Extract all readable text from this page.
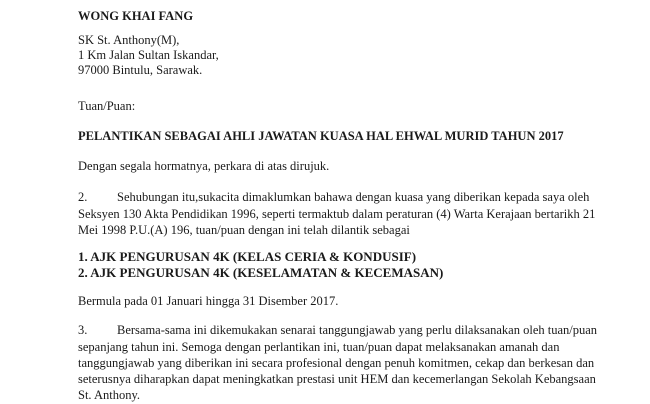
WONG KHAI FANG
SK St. Anthony(M),
1 Km Jalan Sultan Iskandar,
97000 Bintulu, Sarawak.
Tuan/Puan:
PELANTIKAN SEBAGAI AHLI JAWATAN KUASA HAL EHWAL MURID TAHUN 2017
Dengan segala hormatnya, perkara di atas dirujuk.
2. Sehubungan itu,sukacita dimaklumkan bahawa dengan kuasa yang diberikan kepada saya oleh
Seksyen 130 Akta Pendidikan 1996, seperti termaktub dalam peraturan (4) Warta Kerajaan bertarikh 21
Mei 1998 P.U.(A) 196, tuan/puan dengan ini telah dilantik sebagai
1. AJK PENGURUSAN 4K (KELAS CERIA & KONDUSIF)
2. AJK PENGURUSAN 4K (KESELAMATAN & KECEMASAN)
Bermula pada 01 Januari hingga 31 Disember 2017.
3. Bersama-sama ini dikemukakan senarai tanggungjawab yang perlu dilaksanakan oleh tuan/puan
sepanjang tahun ini. Semoga dengan perlantikan ini, tuan/puan dapat melaksanakan amanah dan
tanggungjawab yang diberikan ini secara profesional dengan penuh komitmen, cekap dan berkesan dan
seterusnya diharapkan dapat meningkatkan prestasi unit HEM dan kecemerlangan Sekolah Kebangsaan
St. Anthony.
